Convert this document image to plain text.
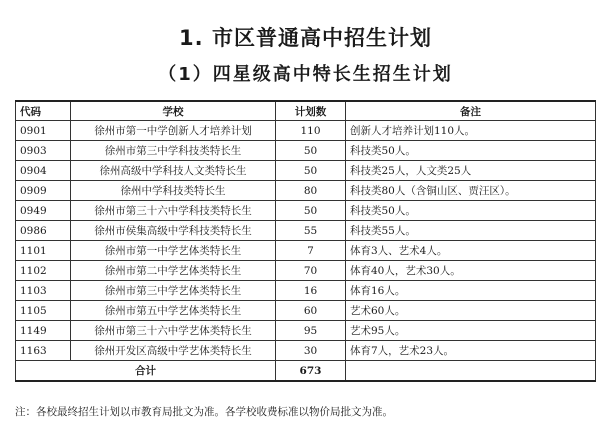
1. 市区普通高中招生计划
（1）四星级高中特长生招生计划
代码	学校	计划数	备注
0901	徐州市第一中学创新人才培养计划	110	创新人才培养计划110人。
0903	徐州市第三中学科技类特长生	50	科技类50人。
0904	徐州高级中学科技人文类特长生	50	科技类25人，人文类25人
0909	徐州中学科技类特长生	80	科技类80人（含铜山区、贾汪区）。
0949	徐州市第三十六中学科技类特长生	50	科技类50人。
0986	徐州市侯集高级中学科技类特长生	55	科技类55人。
1101	徐州市第一中学艺体类特长生	7	体育3人、艺术4人。
1102	徐州市第二中学艺体类特长生	70	体育40人，艺术30人。
1103	徐州市第三中学艺体类特长生	16	体育16人。
1105	徐州市第五中学艺体类特长生	60	艺术60人。
1149	徐州市第三十六中学艺体类特长生	95	艺术95人。
1163	徐州开发区高级中学艺体类特长生	30	体育7人，艺术23人。
合计		673	
注：各校最终招生计划以市教育局批文为准。各学校收费标准以物价局批文为准。
